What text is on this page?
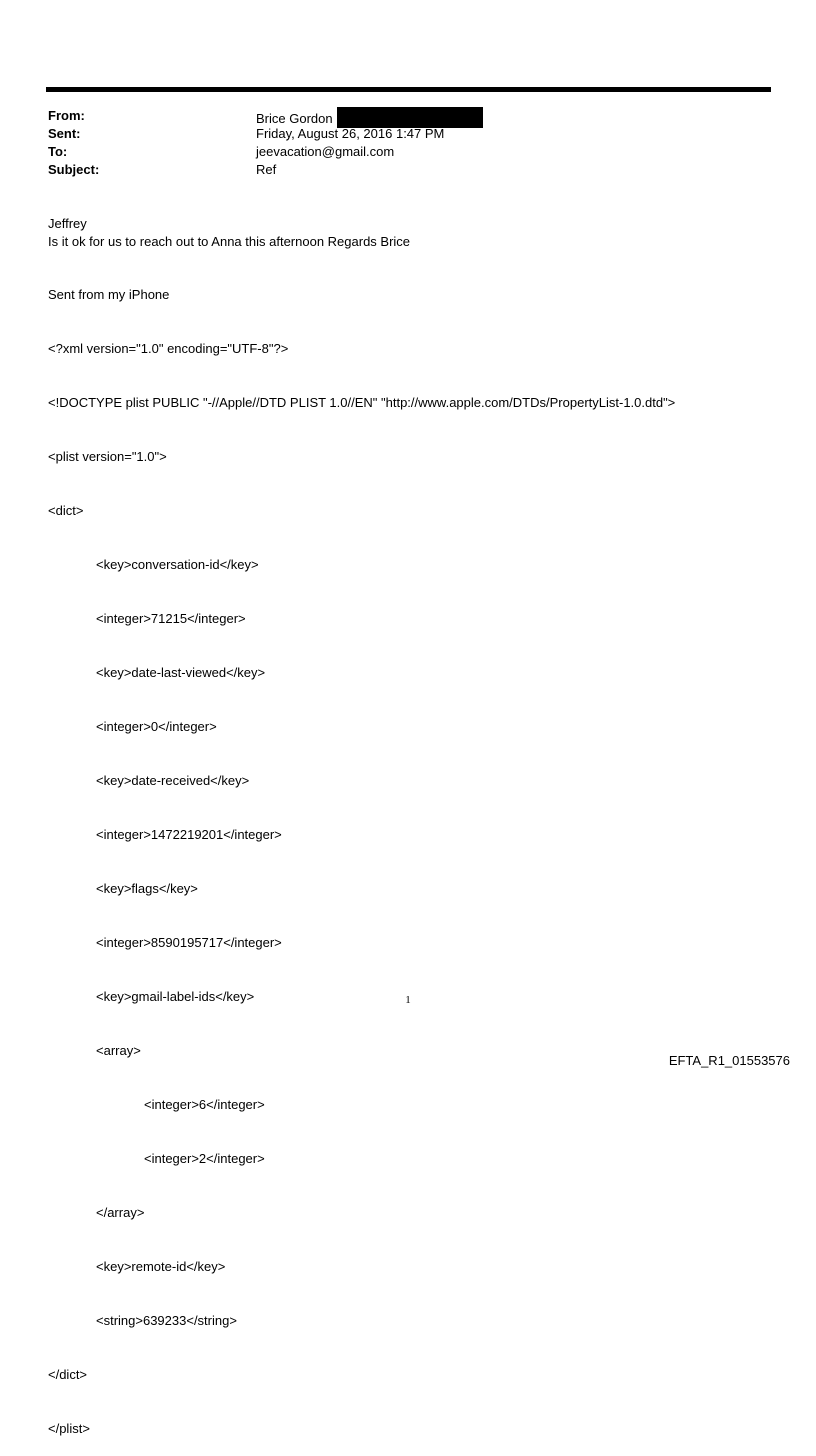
From:	Brice Gordon
Sent:	Friday, August 26, 2016 1:47 PM
To:	jeevacation@gmail.com
Subject:	Ref
Jeffrey
Is it ok for us to reach out to Anna this afternoon Regards Brice
Sent from my iPhone

<?xml version="1.0" encoding="UTF-8"?>

<!DOCTYPE plist PUBLIC "-//Apple//DTD PLIST 1.0//EN" "http://www.apple.com/DTDs/PropertyList-1.0.dtd">

<plist version="1.0">

<dict>

<key>conversation-id</key>

<integer>71215</integer>

<key>date-last-viewed</key>

<integer>0</integer>

<key>date-received</key>

<integer>1472219201</integer>

<key>flags</key>

<integer>8590195717</integer>

<key>gmail-label-ids</key>

<array>

<integer>6</integer>

<integer>2</integer>

</array>

<key>remote-id</key>

<string>639233</string>

</dict>

</plist>

1
EFTA_R1_01553576
